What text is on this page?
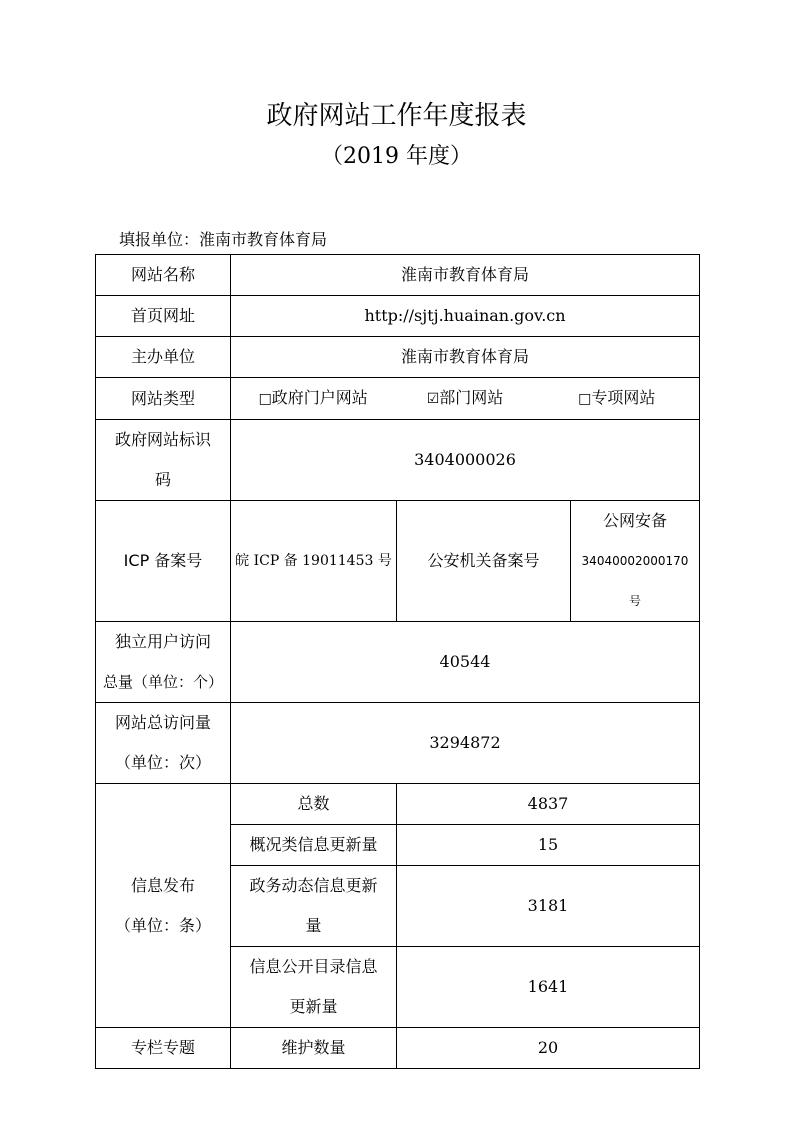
政府网站工作年度报表
（2019 年度）
填报单位：淮南市教育体育局
网站名称	淮南市教育体育局		
首页网址	http://sjtj.huainan.gov.cn		
主办单位	淮南市教育体育局		
网站类型	□政府门户网站 ☑部门网站 □专项网站		

政府网站标识
码	3404000026		
ICP 备案号	皖 ICP 备 19011453 号	公安机关备案号	公网安备
34040002000170 号

独立用户访问
总量（单位：个）	40544		

网站总访问量
（单位：次）	3294872		

信息发布
（单位：条）	总数	4837	
	概况类信息更新量	15	

	政务动态信息更新
量	3181	

	信息公开目录信息
更新量	1641	
专栏专题	维护数量	20	
